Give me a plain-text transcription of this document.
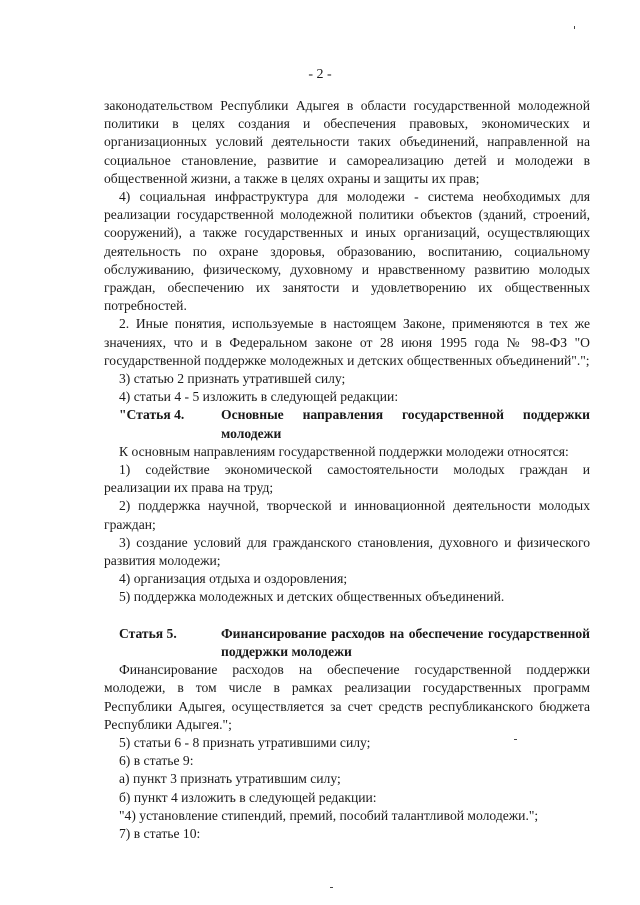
- 2 -

законодательством Республики Адыгея в области государственной молодежной политики в целях создания и обеспечения правовых, экономических и организационных условий деятельности таких объединений, направленной на социальное становление, развитие и самореализацию детей и молодежи в общественной жизни, а также в целях охраны и защиты их прав;

4) социальная инфраструктура для молодежи - система необходимых для реализации государственной молодежной политики объектов (зданий, строений, сооружений), а также государственных и иных организаций, осуществляющих деятельность по охране здоровья, образованию, воспитанию, социальному обслуживанию, физическому, духовному и нравственному развитию молодых граждан, обеспечению их занятости и удовлетворению их общественных потребностей.

2. Иные понятия, используемые в настоящем Законе, применяются в тех же значениях, что и в Федеральном законе от 28 июня 1995 года № 98-ФЗ "О государственной поддержке молодежных и детских общественных объединений".";

3) статью 2 признать утратившей силу;

4) статьи 4 - 5 изложить в следующей редакции:

"Статья 4.	Основные направления государственной поддержки молодежи

К основным направлениям государственной поддержки молодежи относятся:

1) содействие экономической самостоятельности молодых граждан и реализации их права на труд;

2) поддержка научной, творческой и инновационной деятельности молодых граждан;

3) создание условий для гражданского становления, духовного и физического развития молодежи;

4) организация отдыха и оздоровления;

5) поддержка молодежных и детских общественных объединений.

Статья 5.	Финансирование расходов на обеспечение государственной поддержки молодежи

Финансирование расходов на обеспечение государственной поддержки молодежи, в том числе в рамках реализации государственных программ Республики Адыгея, осуществляется за счет средств республиканского бюджета Республики Адыгея.";

5) статьи 6 - 8 признать утратившими силу;

6) в статье 9:

а) пункт 3 признать утратившим силу;

б) пункт 4 изложить в следующей редакции:

"4) установление стипендий, премий, пособий талантливой молодежи.";

7) в статье 10:
